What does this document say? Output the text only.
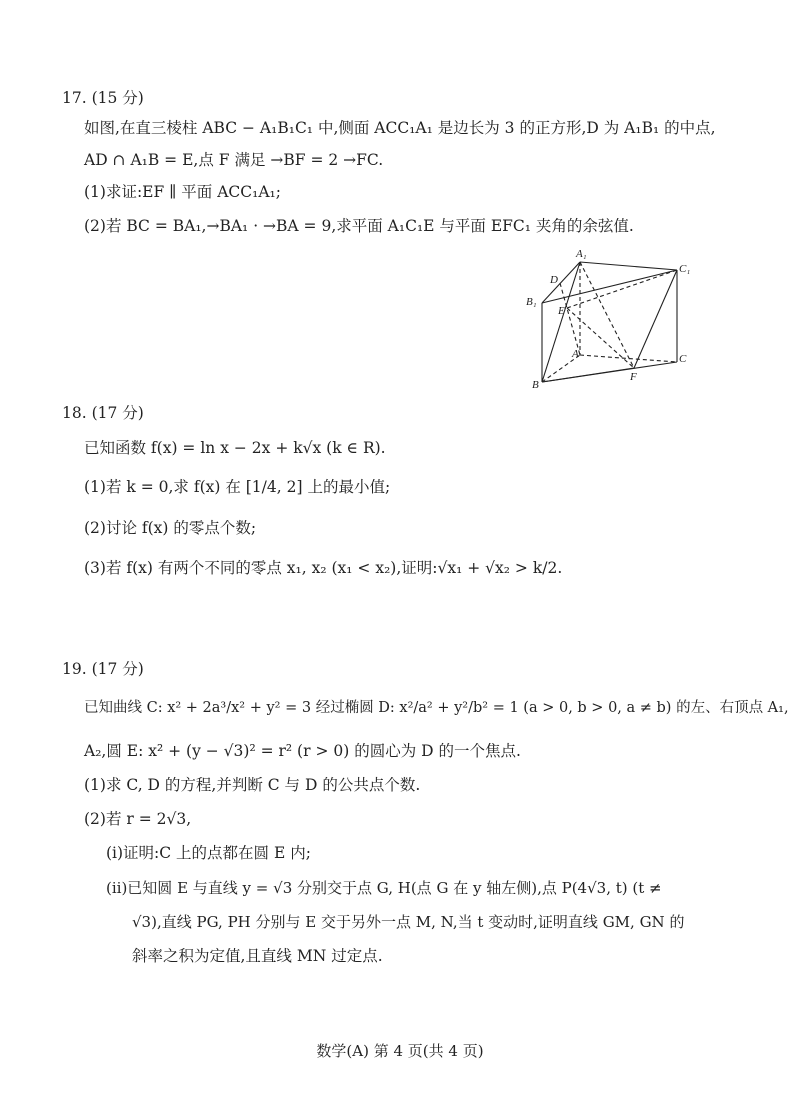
17. (15 分)
如图,在直三棱柱 ABC − A₁B₁C₁ 中,侧面 ACC₁A₁ 是边长为 3 的正方形,D 为 A₁B₁ 的中点,
AD ∩ A₁B = E,点 F 满足 →BF = 2 →FC.
(1)求证:EF ∥ 平面 ACC₁A₁;
(2)若 BC = BA₁,→BA₁ · →BA = 9,求平面 A₁C₁E 与平面 EFC₁ 夹角的余弦值.
A₁
C₁
D
B₁
E
A	C
B
F
18. (17 分)
已知函数 f(x) = ln x − 2x + k√x (k ∈ R).
(1)若 k = 0,求 f(x) 在 [1/4, 2] 上的最小值;
(2)讨论 f(x) 的零点个数;
(3)若 f(x) 有两个不同的零点 x₁, x₂ (x₁ < x₂),证明:√x₁ + √x₂ > k/2.
19. (17 分)
已知曲线 C: x² + 2a³/x² + y² = 3 经过椭圆 D: x²/a² + y²/b² = 1 (a > 0, b > 0, a ≠ b) 的左、右顶点 A₁,
A₂,圆 E: x² + (y − √3)² = r² (r > 0) 的圆心为 D 的一个焦点.
(1)求 C, D 的方程,并判断 C 与 D 的公共点个数.
(2)若 r = 2√3,
(ⅰ)证明:C 上的点都在圆 E 内;
(ⅱ)已知圆 E 与直线 y = √3 分别交于点 G, H(点 G 在 y 轴左侧),点 P(4√3, t) (t ≠
√3),直线 PG, PH 分别与 E 交于另外一点 M, N,当 t 变动时,证明直线 GM, GN 的
斜率之积为定值,且直线 MN 过定点.
数学(A) 第 4 页(共 4 页)
